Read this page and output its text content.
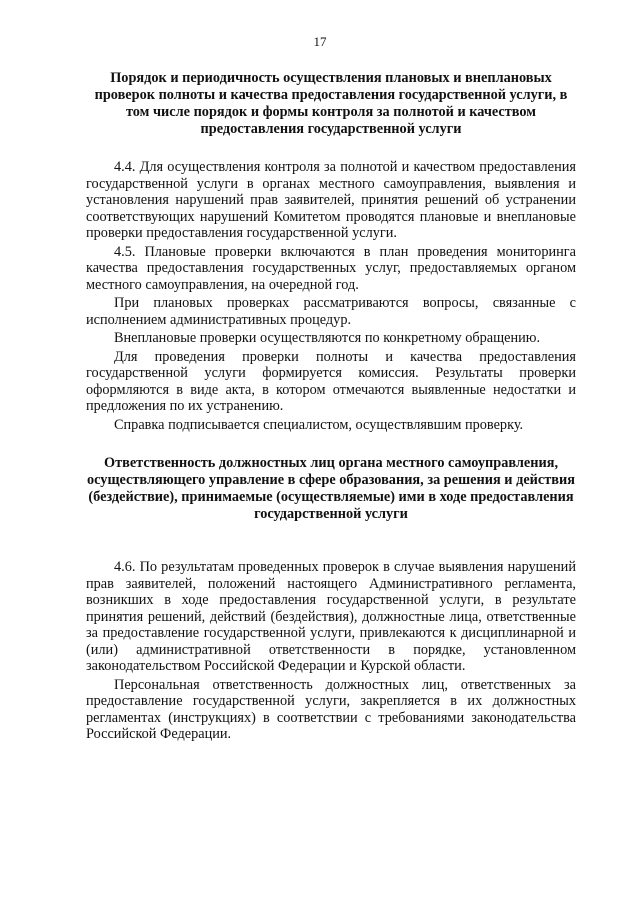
17

Порядок и периодичность осуществления плановых и внеплановых проверок полноты и качества предоставления государственной услуги, в том числе порядок и формы контроля за полнотой и качеством предоставления государственной услуги

4.4. Для осуществления контроля за полнотой и качеством предоставления государственной услуги в органах местного самоуправления, выявления и установления нарушений прав заявителей, принятия решений об устранении соответствующих нарушений Комитетом проводятся плановые и внеплановые проверки предоставления государственной услуги.

4.5. Плановые проверки включаются в план проведения мониторинга качества предоставления государственных услуг, предоставляемых органом местного самоуправления, на очередной год.

При плановых проверках рассматриваются вопросы, связанные с исполнением административных процедур.

Внеплановые проверки осуществляются по конкретному обращению.

Для проведения проверки полноты и качества предоставления государственной услуги формируется комиссия. Результаты проверки оформляются в виде акта, в котором отмечаются выявленные недостатки и предложения по их устранению.

Справка подписывается специалистом, осуществлявшим проверку.

Ответственность должностных лиц органа местного самоуправления, осуществляющего управление в сфере образования, за решения и действия (бездействие), принимаемые (осуществляемые) ими в ходе предоставления государственной услуги

4.6. По результатам проведенных проверок в случае выявления нарушений прав заявителей, положений настоящего Административного регламента, возникших в ходе предоставления государственной услуги, в результате принятия решений, действий (бездействия), должностные лица, ответственные за предоставление государственной услуги, привлекаются к дисциплинарной и (или) административной ответственности в порядке, установленном законодательством Российской Федерации и Курской области.

Персональная ответственность должностных лиц, ответственных за предоставление государственной услуги, закрепляется в их должностных регламентах (инструкциях) в соответствии с требованиями законодательства Российской Федерации.
